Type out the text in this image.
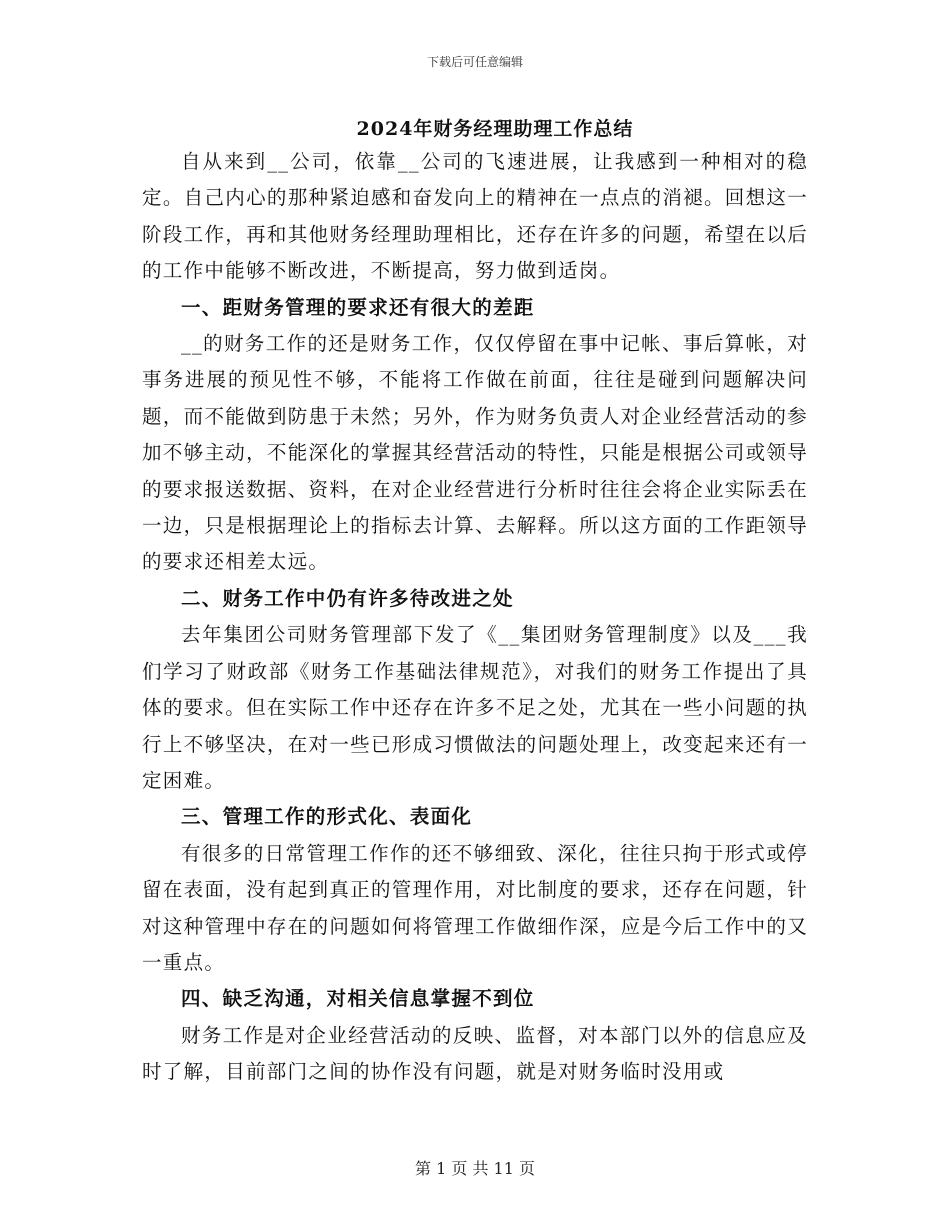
下载后可任意编辑
2024年财务经理助理工作总结

自从来到__公司，依靠__公司的飞速进展，让我感到一种相对的稳定。自己内心的那种紧迫感和奋发向上的精神在一点点的消褪。回想这一阶段工作，再和其他财务经理助理相比，还存在许多的问题，希望在以后的工作中能够不断改进，不断提高，努力做到适岗。

一、距财务管理的要求还有很大的差距

__的财务工作的还是财务工作，仅仅停留在事中记帐、事后算帐，对事务进展的预见性不够，不能将工作做在前面，往往是碰到问题解决问题，而不能做到防患于未然；另外，作为财务负责人对企业经营活动的参加不够主动，不能深化的掌握其经营活动的特性，只能是根据公司或领导的要求报送数据、资料，在对企业经营进行分析时往往会将企业实际丢在一边，只是根据理论上的指标去计算、去解释。所以这方面的工作距领导的要求还相差太远。

二、财务工作中仍有许多待改进之处

去年集团公司财务管理部下发了《__集团财务管理制度》以及___我们学习了财政部《财务工作基础法律规范》，对我们的财务工作提出了具体的要求。但在实际工作中还存在许多不足之处，尤其在一些小问题的执行上不够坚决，在对一些已形成习惯做法的问题处理上，改变起来还有一定困难。

三、管理工作的形式化、表面化

有很多的日常管理工作作的还不够细致、深化，往往只拘于形式或停留在表面，没有起到真正的管理作用，对比制度的要求，还存在问题，针对这种管理中存在的问题如何将管理工作做细作深，应是今后工作中的又一重点。

四、缺乏沟通，对相关信息掌握不到位

财务工作是对企业经营活动的反映、监督，对本部门以外的信息应及时了解，目前部门之间的协作没有问题，就是对财务临时没用或

第 1 页 共 11 页
